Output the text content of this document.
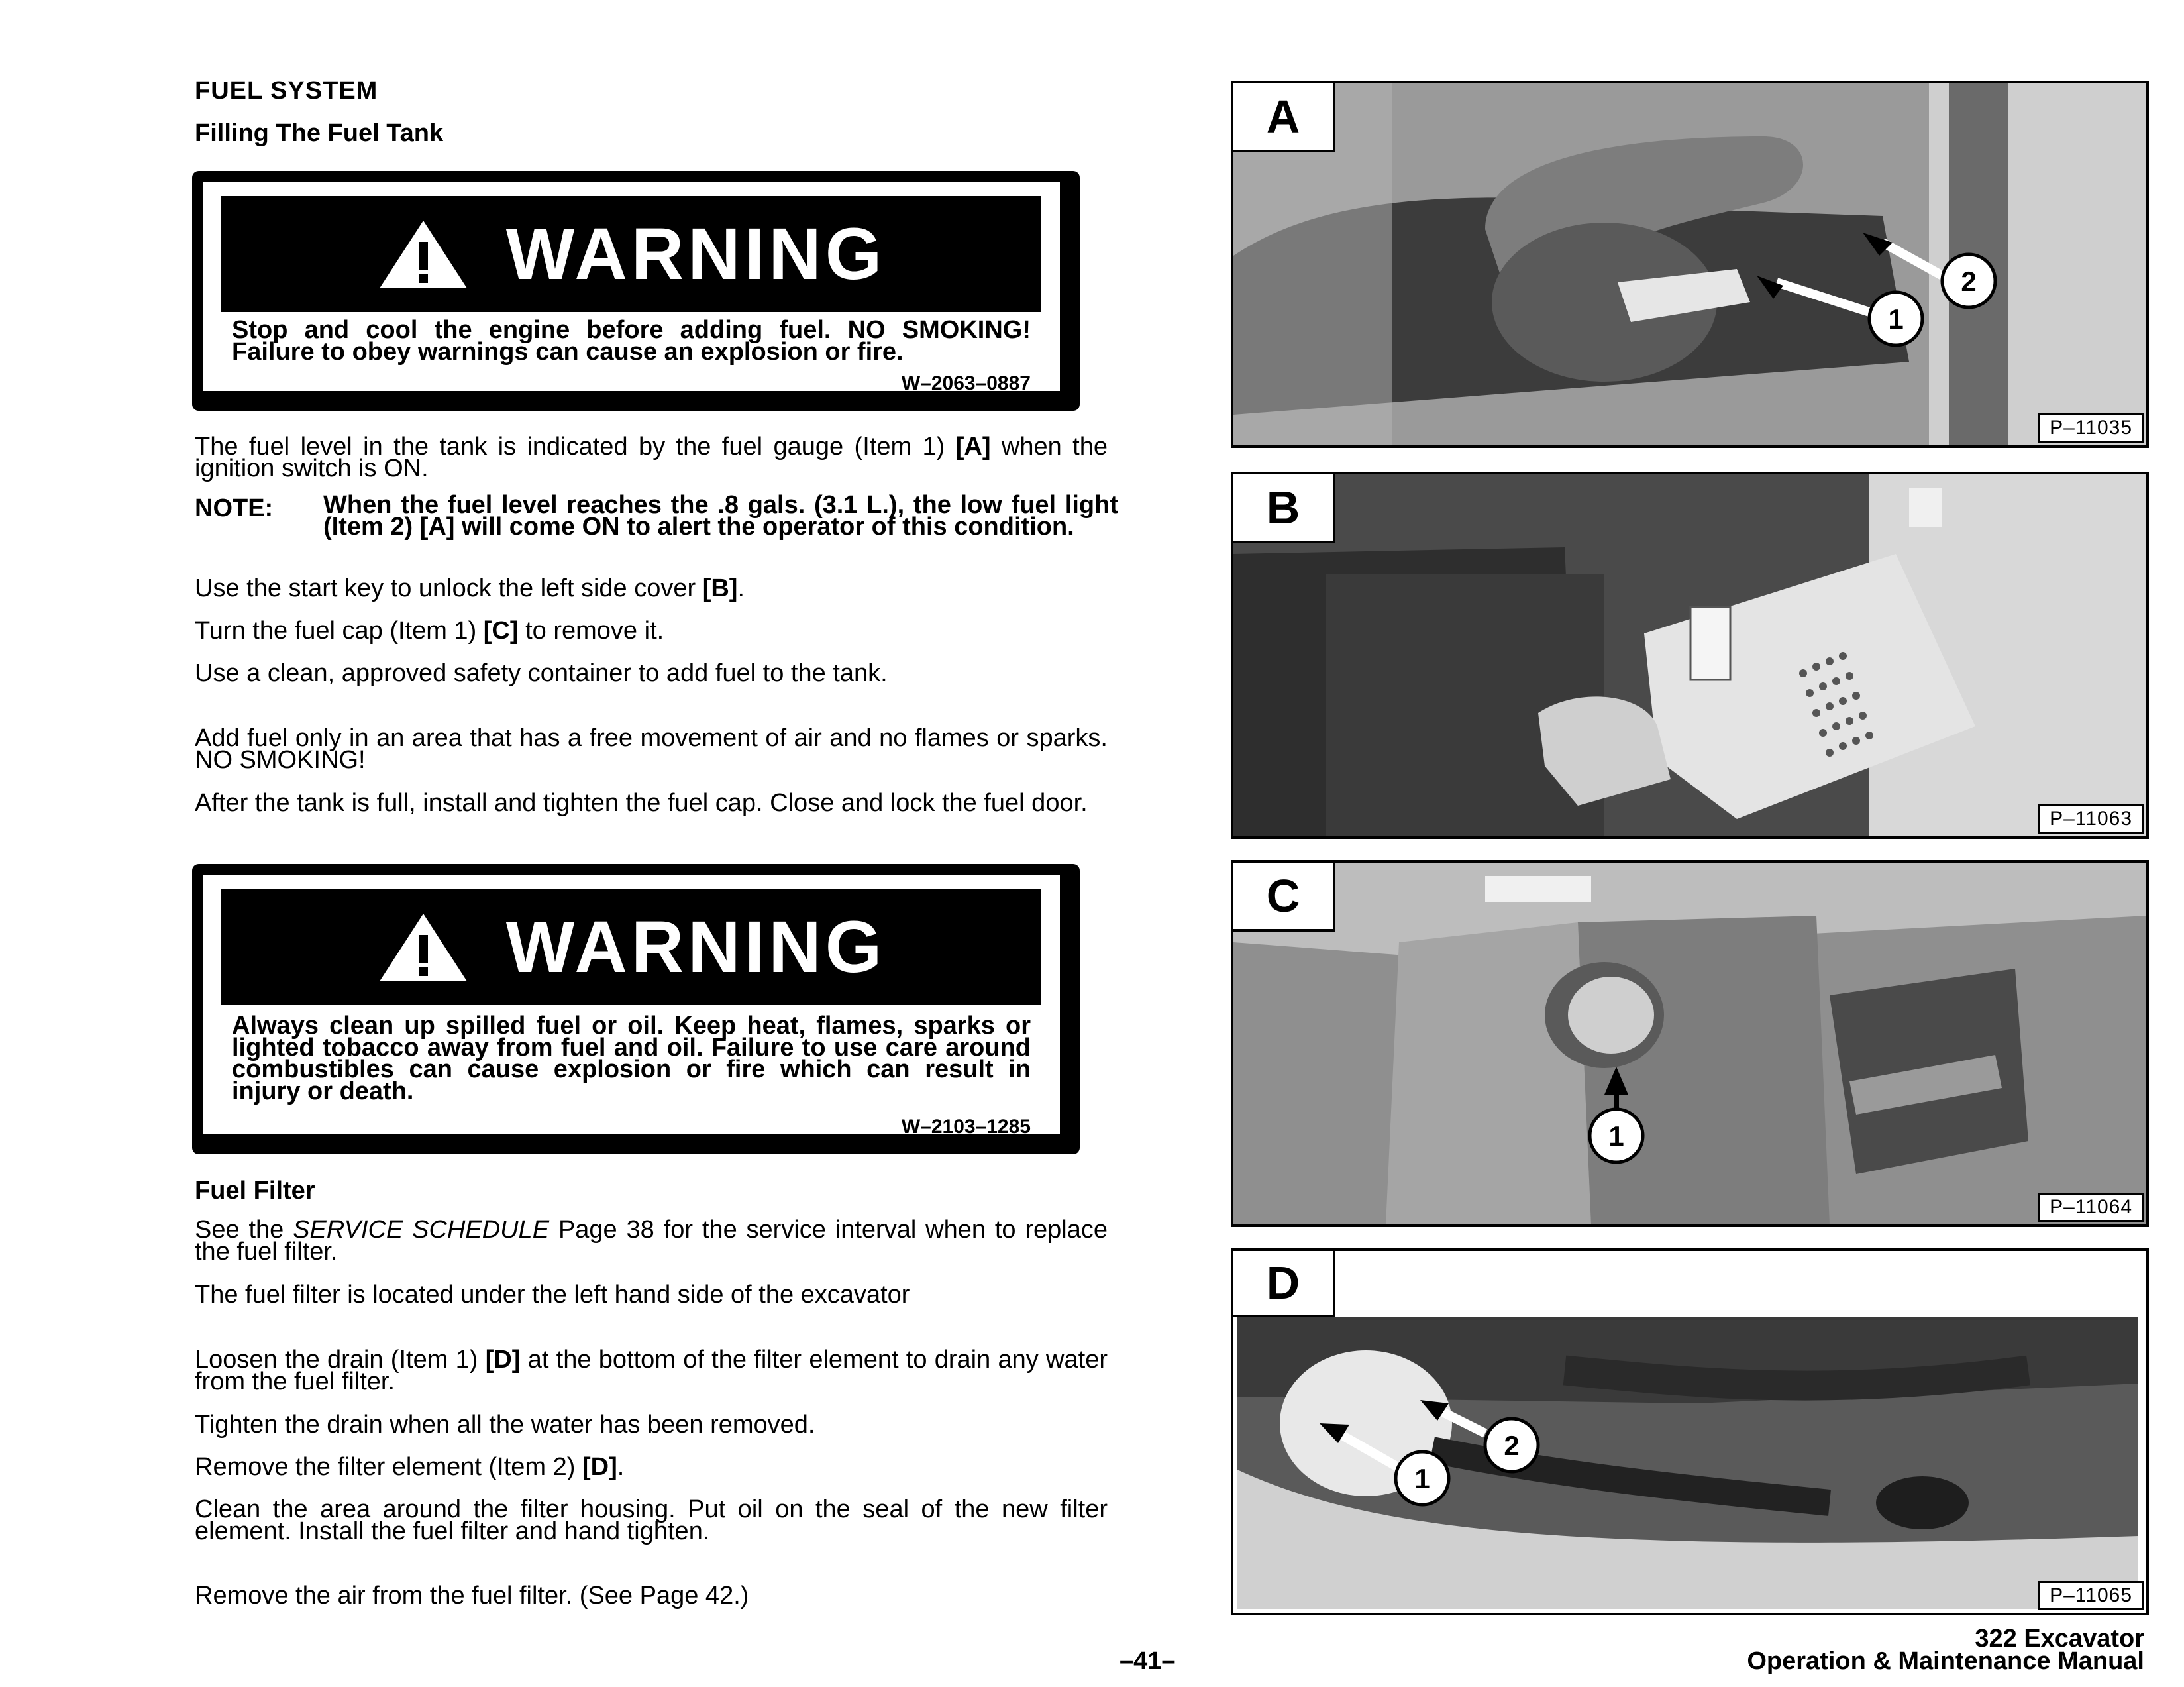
FUEL SYSTEM
Filling The Fuel Tank
WARNING
Stop and cool the engine before adding fuel. NO SMOKING! Failure to obey warnings can cause an explosion or fire.
W–2063–0887
The fuel level in the tank is indicated by the fuel gauge (Item 1) [A] when the ignition switch is ON.
NOTE: When the fuel level reaches the .8 gals. (3.1 L.), the low fuel light (Item 2) [A] will come ON to alert the operator of this condition.
Use the start key to unlock the left side cover [B].
Turn the fuel cap (Item 1) [C] to remove it.
Use a clean, approved safety container to add fuel to the tank.
Add fuel only in an area that has a free movement of air and no flames or sparks. NO SMOKING!
After the tank is full, install and tighten the fuel cap. Close and lock the fuel door.
WARNING
Always clean up spilled fuel or oil. Keep heat, flames, sparks or lighted tobacco away from fuel and oil. Failure to use care around combustibles can cause explosion or fire which can result in injury or death.
W–2103–1285
Fuel Filter
See the SERVICE SCHEDULE Page 38 for the service interval when to replace the fuel filter.
The fuel filter is located under the left hand side of the excavator
Loosen the drain (Item 1) [D] at the bottom of the filter element to drain any water from the fuel filter.
Tighten the drain when all the water has been removed.
Remove the filter element (Item 2) [D].
Clean the area around the filter housing. Put oil on the seal of the new filter element. Install the fuel filter and hand tighten.
Remove the air from the fuel filter. (See Page 42.)
1
2
A
P–11035
B
P–11063
1
C
P–11064
1
2
D
P–11065
–41–
322 Excavator
Operation & Maintenance Manual
